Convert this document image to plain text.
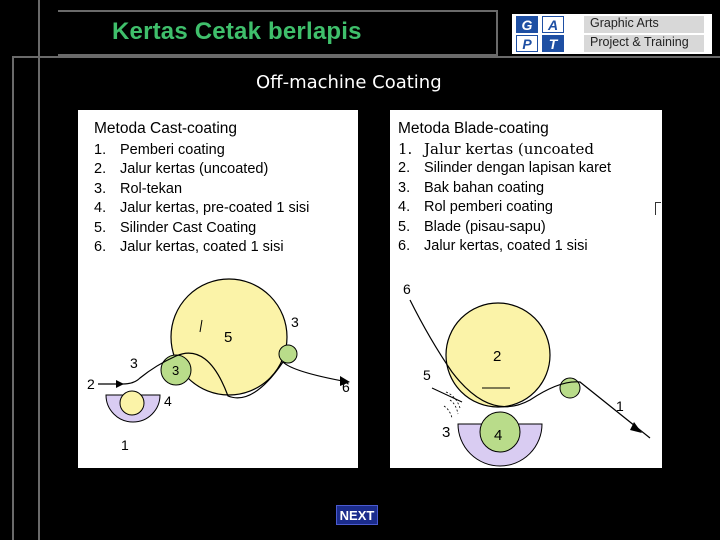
Kertas Cetak berlapis	G	A
P	T
Graphic Arts
Project & Training
Off-machine Coating
Metoda Cast-coating
1. Pemberi coating
2. Jalur kertas (uncoated)
3. Rol-tekan
4. Jalur kertas, pre-coated 1 sisi
5. Silinder Cast Coating
6. Jalur kertas, coated 1 sisi
1
2
3	3
3
4
5
6
Metoda Blade-coating
1. Jalur kertas (uncoated
2. Silinder dengan lapisan karet
3. Bak bahan coating
4. Rol pemberi coating
5. Blade (pisau-sapu)
6. Jalur kertas, coated 1 sisi
1
2
3	4
5
6
NEXT
